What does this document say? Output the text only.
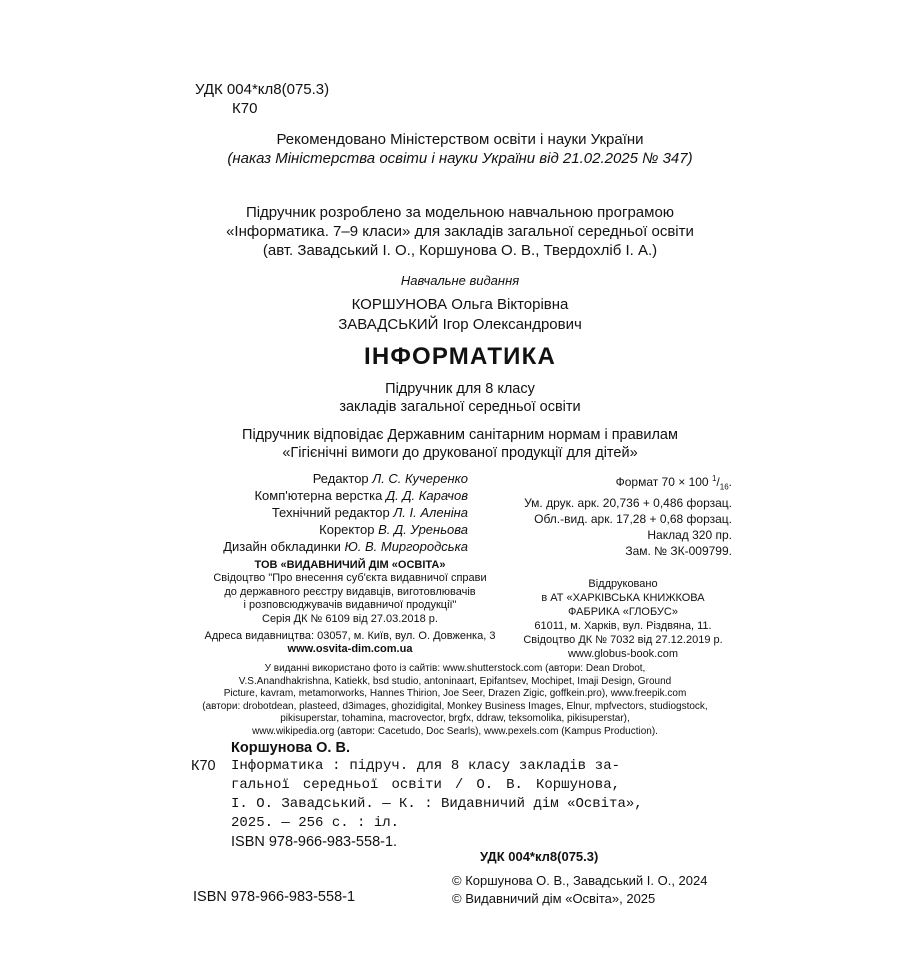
УДК 004*кл8(075.3)
К70
Рекомендовано Міністерством освіти і науки України
(наказ Міністерства освіти і науки України від 21.02.2025 № 347)
Підручник розроблено за модельною навчальною програмою
«Інформатика. 7–9 класи» для закладів загальної середньої освіти
(авт. Завадський І. О., Коршунова О. В., Твердохліб І. А.)
Навчальне видання
КОРШУНОВА Ольга Вікторівна
ЗАВАДСЬКИЙ Ігор Олександрович
ІНФОРМАТИКА
Підручник для 8 класу
закладів загальної середньої освіти
Підручник відповідає Державним санітарним нормам і правилам
«Гігієнічні вимоги до друкованої продукції для дітей»
Редактор Л. С. Кучеренко
Комп'ютерна верстка Д. Д. Карачов
Технічний редактор Л. І. Аленіна
Коректор В. Д. Уреньова
Дизайн обкладинки Ю. В. Миргородська
Формат 70 × 100 $^1/_{16}$.
Ум. друк. арк. 20,736 + 0,486 форзац.
Обл.-вид. арк. 17,28 + 0,68 форзац.
Наклад 320 пр.
Зам. № ЗК-009799.
ТОВ «ВИДАВНИЧИЙ ДІМ «ОСВІТА»
Свідоцтво "Про внесення суб'єкта видавничої справи
до державного реєстру видавців, виготовлювачів
і розповсюджувачів видавничої продукції"
Серія ДК № 6109 від 27.03.2018 р.
Адреса видавництва: 03057, м. Київ, вул. О. Довженка, 3
www.osvita-dim.com.ua
Віддруковано
в АТ «ХАРКІВСЬКА КНИЖКОВА
ФАБРИКА «ГЛОБУС»
61011, м. Харків, вул. Різдвяна, 11.
Свідоцтво ДК № 7032 від 27.12.2019 р.
www.globus-book.com
У виданні використано фото із сайтів: www.shutterstock.com (автори: Dean Drobot,
V.S.Anandhakrishna, Katiekk, bsd studio, antoninaart, Epifantsev, Mochipet, Imaji Design, Ground
Picture, kavram, metamorworks, Hannes Thirion, Joe Seer, Drazen Zigic, goffkein.pro), www.freepik.com
(автори: drobotdean, plasteed, d3images, ghozidigital, Monkey Business Images, Elnur, mpfvectors, studiogstock,
pikisuperstar, tohamina, macrovector, brgfx, ddraw, teksomolika, pikisuperstar),
www.wikipedia.org (автори: Cacetudo, Doc Searls), www.pexels.com (Kampus Production).
Коршунова О. В.
К70 Інформатика : підруч. для 8 класу закладів за-
гальної середньої освіти / О. В. Коршунова,
І. О. Завадський. — К. : Видавничий дім «Освіта»,
2025. — 256 с. : іл.
ISBN 978-966-983-558-1.
УДК 004*кл8(075.3)
ISBN 978-966-983-558-1
© Коршунова О. В., Завадський І. О., 2024
© Видавничий дім «Освіта», 2025
